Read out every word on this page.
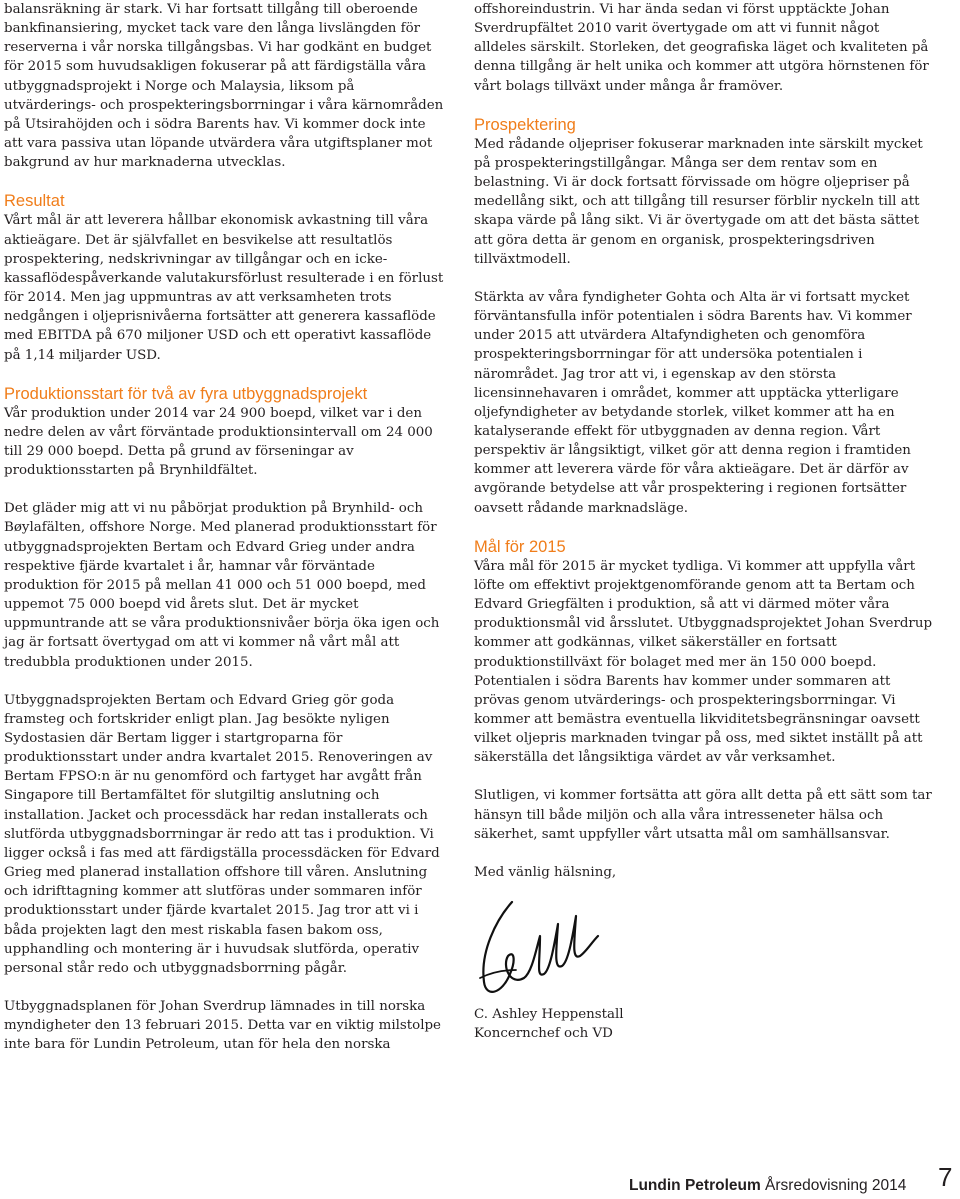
balansräkning är stark. Vi har fortsatt tillgång till oberoende bankfinansiering, mycket tack vare den långa livslängden för reserverna i vår norska tillgångsbas. Vi har godkänt en budget för 2015 som huvudsakligen fokuserar på att färdigställa våra utbyggnadsprojekt i Norge och Malaysia, liksom på utvärderings- och prospekteringsborrningar i våra kärnområden på Utsirahöjden och i södra Barents hav. Vi kommer dock inte att vara passiva utan löpande utvärdera våra utgiftsplaner mot bakgrund av hur marknaderna utvecklas.

Resultat

Vårt mål är att leverera hållbar ekonomisk avkastning till våra aktieägare. Det är självfallet en besvikelse att resultatlös prospektering, nedskrivningar av tillgångar och en icke-kassaflödespåverkande valutakursförlust resulterade i en förlust för 2014. Men jag uppmuntras av att verksamheten trots nedgången i oljeprisnivåerna fortsätter att generera kassaflöde med EBITDA på 670 miljoner USD och ett operativt kassaflöde på 1,14 miljarder USD.

Produktionsstart för två av fyra utbyggnadsprojekt

Vår produktion under 2014 var 24 900 boepd, vilket var i den nedre delen av vårt förväntade produktionsintervall om 24 000 till 29 000 boepd. Detta på grund av förseningar av produktionsstarten på Brynhildfältet.

Det gläder mig att vi nu påbörjat produktion på Brynhild- och Bøylafälten, offshore Norge. Med planerad produktionsstart för utbyggnadsprojekten Bertam och Edvard Grieg under andra respektive fjärde kvartalet i år, hamnar vår förväntade produktion för 2015 på mellan 41 000 och 51 000 boepd, med uppemot 75 000 boepd vid årets slut. Det är mycket uppmuntrande att se våra produktionsnivåer börja öka igen och jag är fortsatt övertygad om att vi kommer nå vårt mål att tredubbla produktionen under 2015.

Utbyggnadsprojekten Bertam och Edvard Grieg gör goda framsteg och fortskrider enligt plan. Jag besökte nyligen Sydostasien där Bertam ligger i startgroparna för produktionsstart under andra kvartalet 2015. Renoveringen av Bertam FPSO:n är nu genomförd och fartyget har avgått från Singapore till Bertamfältet för slutgiltig anslutning och installation. Jacket och processdäck har redan installerats och slutförda utbyggnadsborrningar är redo att tas i produktion. Vi ligger också i fas med att färdigställa processdäcken för Edvard Grieg med planerad installation offshore till våren. Anslutning och idrifttagning kommer att slutföras under sommaren inför produktionsstart under fjärde kvartalet 2015. Jag tror att vi i båda projekten lagt den mest riskabla fasen bakom oss, upphandling och montering är i huvudsak slutförda, operativ personal står redo och utbyggnadsborrning pågår.

Utbyggnadsplanen för Johan Sverdrup lämnades in till norska myndigheter den 13 februari 2015. Detta var en viktig milstolpe inte bara för Lundin Petroleum, utan för hela den norska

offshoreindustrin. Vi har ända sedan vi först upptäckte Johan Sverdrupfältet 2010 varit övertygade om att vi funnit något alldeles särskilt. Storleken, det geografiska läget och kvaliteten på denna tillgång är helt unika och kommer att utgöra hörnstenen för vårt bolags tillväxt under många år framöver.

Prospektering

Med rådande oljepriser fokuserar marknaden inte särskilt mycket på prospekteringstillgångar. Många ser dem rentav som en belastning. Vi är dock fortsatt förvissade om högre oljepriser på medellång sikt, och att tillgång till resurser förblir nyckeln till att skapa värde på lång sikt. Vi är övertygade om att det bästa sättet att göra detta är genom en organisk, prospekteringsdriven tillväxtmodell.

Stärkta av våra fyndigheter Gohta och Alta är vi fortsatt mycket förväntansfulla inför potentialen i södra Barents hav. Vi kommer under 2015 att utvärdera Altafyndigheten och genomföra prospekteringsborrningar för att undersöka potentialen i närområdet. Jag tror att vi, i egenskap av den största licensinnehavaren i området, kommer att upptäcka ytterligare oljefyndigheter av betydande storlek, vilket kommer att ha en katalyserande effekt för utbyggnaden av denna region. Vårt perspektiv är långsiktigt, vilket gör att denna region i framtiden kommer att leverera värde för våra aktieägare. Det är därför av avgörande betydelse att vår prospektering i regionen fortsätter oavsett rådande marknadsläge.

Mål för 2015

Våra mål för 2015 är mycket tydliga. Vi kommer att uppfylla vårt löfte om effektivt projektgenomförande genom att ta Bertam och Edvard Griegfälten i produktion, så att vi därmed möter våra produktionsmål vid årsslutet. Utbyggnadsprojektet Johan Sverdrup kommer att godkännas, vilket säkerställer en fortsatt produktionstillväxt för bolaget med mer än 150 000 boepd. Potentialen i södra Barents hav kommer under sommaren att prövas genom utvärderings- och prospekteringsborrningar. Vi kommer att bemästra eventuella likviditetsbegränsningar oavsett vilket oljepris marknaden tvingar på oss, med siktet inställt på att säkerställa det långsiktiga värdet av vår verksamhet.

Slutligen, vi kommer fortsätta att göra allt detta på ett sätt som tar hänsyn till både miljön och alla våra intresseneter hälsa och säkerhet, samt uppfyller vårt utsatta mål om samhällsansvar.

Med vänlig hälsning,

C. Ashley Heppenstall

Koncernchef och VD

Lundin Petroleum Årsredovisning 2014 7
